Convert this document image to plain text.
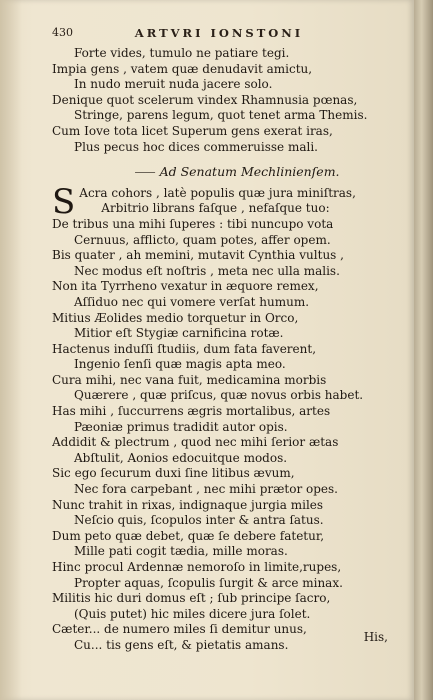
430	ARTVRI IONSTONI
Forte vides, tumulo ne patiare tegi.
Impia gens , vatem quæ denudavit amictu,
In nudo meruit nuda jacere solo.
Denique quot scelerum vindex Rhamnusia pœnas,
Stringe, parens legum, quot tenet arma Themis.
Cum Iove tota licet Superum gens exerat iras,
Plus pecus hoc dices commeruisse mali.
⸺ Ad Senatum Mechlinienſem.
S Acra cohors , latè populis quæ jura miniſtras,
Arbitrio librans faſque , nefaſque tuo:
De tribus una mihi ſuperes : tibi nuncupo vota
Cernuus, afflicto, quam potes, affer opem.
Bis quater , ah memini, mutavit Cynthia vultus ,
Nec modus eſt noſtris , meta nec ulla malis.
Non ita Tyrrheno vexatur in æquore remex,
Aſſiduo nec qui vomere verſat humum.
Mitius Æolides medio torquetur in Orco,
Mitior eſt Stygiæ carnificina rotæ.
Hactenus induſſi ſtudiis, dum fata faverent,
Ingenio ſenſi quæ magis apta meo.
Cura mihi, nec vana fuit, medicamina morbis
Quærere , quæ priſcus, quæ novus orbis habet.
Has mihi , ſuccurrens ægris mortalibus, artes
Pæoniæ primus tradidit autor opis.
Addidit & plectrum , quod nec mihi ſerior ætas
Abſtulit, Aonios edocuitque modos.
Sic ego ſecurum duxi ſine litibus ævum,
Nec fora carpebant , nec mihi prætor opes.
Nunc trahit in rixas, indignaque jurgia miles
Neſcio quis, ſcopulos inter & antra ſatus.
Dum peto quæ debet, quæ ſe debere fatetur,
Mille pati cogit tædia, mille moras.
Hinc procul Ardennæ nemoroſo in limite,rupes,
Propter aquas, ſcopulis ſurgit & arce minax.
Militis hic duri domus eſt ; ſub principe ſacro,
(Quis putet) hic miles dicere jura ſolet.
Cæter... de numero miles ſi demitur unus,
Cu... tis gens eſt, & pietatis amans.
His,
